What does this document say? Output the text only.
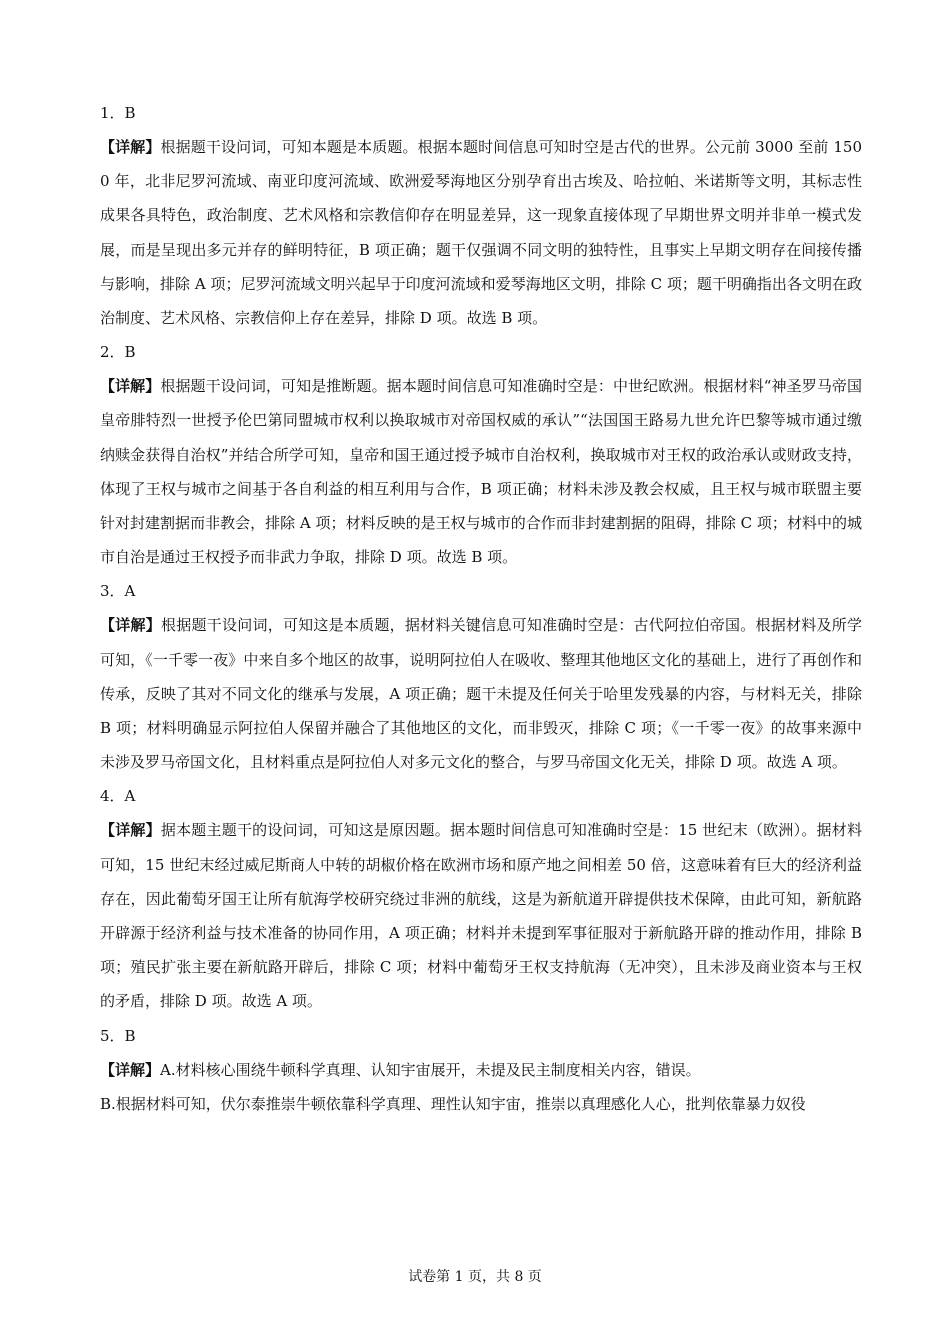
1．B

【详解】根据题干设问词，可知本题是本质题。根据本题时间信息可知时空是古代的世界。公元前 3000 至前 1500 年，北非尼罗河流域、南亚印度河流域、欧洲爱琴海地区分别孕育出古埃及、哈拉帕、米诺斯等文明，其标志性成果各具特色，政治制度、艺术风格和宗教信仰存在明显差异，这一现象直接体现了早期世界文明并非单一模式发展，而是呈现出多元并存的鲜明特征，B 项正确；题干仅强调不同文明的独特性，且事实上早期文明存在间接传播与影响，排除 A 项；尼罗河流域文明兴起早于印度河流域和爱琴海地区文明，排除 C 项；题干明确指出各文明在政治制度、艺术风格、宗教信仰上存在差异，排除 D 项。故选 B 项。

2．B

【详解】根据题干设问词，可知是推断题。据本题时间信息可知准确时空是：中世纪欧洲。根据材料“神圣罗马帝国皇帝腓特烈一世授予伦巴第同盟城市权利以换取城市对帝国权威的承认”“法国国王路易九世允许巴黎等城市通过缴纳赎金获得自治权”并结合所学可知，皇帝和国王通过授予城市自治权利，换取城市对王权的政治承认或财政支持，体现了王权与城市之间基于各自利益的相互利用与合作，B 项正确；材料未涉及教会权威，且王权与城市联盟主要针对封建割据而非教会，排除 A 项；材料反映的是王权与城市的合作而非封建割据的阻碍，排除 C 项；材料中的城市自治是通过王权授予而非武力争取，排除 D 项。故选 B 项。

3．A

【详解】根据题干设问词，可知这是本质题，据材料关键信息可知准确时空是：古代阿拉伯帝国。根据材料及所学可知，《一千零一夜》中来自多个地区的故事，说明阿拉伯人在吸收、整理其他地区文化的基础上，进行了再创作和传承，反映了其对不同文化的继承与发展，A 项正确；题干未提及任何关于哈里发残暴的内容，与材料无关，排除 B 项；材料明确显示阿拉伯人保留并融合了其他地区的文化，而非毁灭，排除 C 项；《一千零一夜》的故事来源中未涉及罗马帝国文化，且材料重点是阿拉伯人对多元文化的整合，与罗马帝国文化无关，排除 D 项。故选 A 项。

4．A

【详解】据本题主题干的设问词，可知这是原因题。据本题时间信息可知准确时空是：15 世纪末（欧洲）。据材料可知，15 世纪末经过威尼斯商人中转的胡椒价格在欧洲市场和原产地之间相差 50 倍，这意味着有巨大的经济利益存在，因此葡萄牙国王让所有航海学校研究绕过非洲的航线，这是为新航道开辟提供技术保障，由此可知，新航路开辟源于经济利益与技术准备的协同作用，A 项正确；材料并未提到军事征服对于新航路开辟的推动作用，排除 B 项；殖民扩张主要在新航路开辟后，排除 C 项；材料中葡萄牙王权支持航海（无冲突），且未涉及商业资本与王权的矛盾，排除 D 项。故选 A 项。

5．B

【详解】A.材料核心围绕牛顿科学真理、认知宇宙展开，未提及民主制度相关内容，错误。

B.根据材料可知，伏尔泰推崇牛顿依靠科学真理、理性认知宇宙，推崇以真理感化人心，批判依靠暴力奴役

试卷第 1 页，共 8 页
